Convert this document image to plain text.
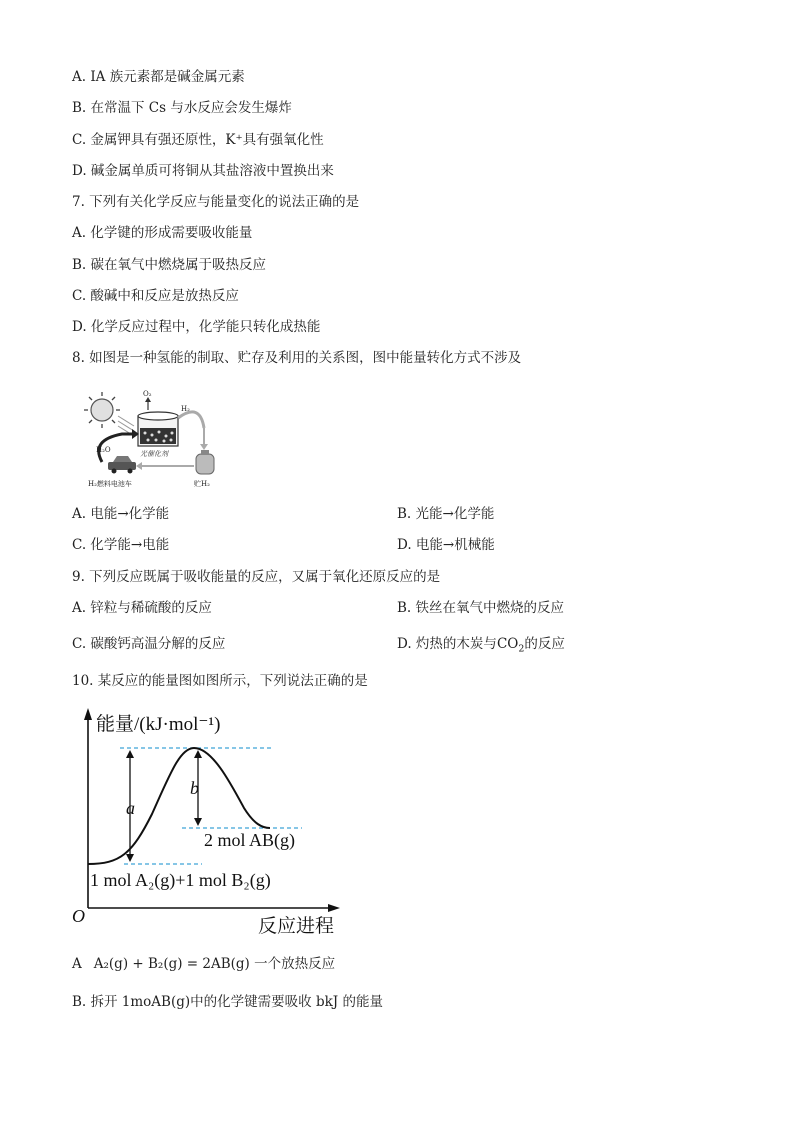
A. IA 族元素都是碱金属元素
B. 在常温下 Cs 与水反应会发生爆炸
C. 金属钾具有强还原性，K⁺具有强氧化性
D. 碱金属单质可将铜从其盐溶液中置换出来
7. 下列有关化学反应与能量变化的说法正确的是
A. 化学键的形成需要吸收能量
B. 碳在氧气中燃烧属于吸热反应
C. 酸碱中和反应是放热反应
D. 化学反应过程中，化学能只转化成热能
8. 如图是一种氢能的制取、贮存及利用的关系图，图中能量转化方式不涉及
O₂
H₂
光催化剂
贮H₂
H₂燃料电池车
H₂O
A. 电能→化学能	B. 光能→化学能
C. 化学能→电能	D. 电能→机械能
9. 下列反应既属于吸收能量的反应，又属于氧化还原反应的是
A. 锌粒与稀硫酸的反应	B. 铁丝在氧气中燃烧的反应
C. 碳酸钙高温分解的反应	D. 灼热的木炭与$CO_2$的反应
10. 某反应的能量图如图所示，下列说法正确的是
能量/(kJ·mol⁻¹)
反应进程
O
a
b
2 mol AB(g)
1 mol A₂(g)+1 mol B₂(g)
A A₂(g) + B₂(g) = 2AB(g) 一个放热反应
B. 拆开 1moAB(g)中的化学键需要吸收 bkJ 的能量
